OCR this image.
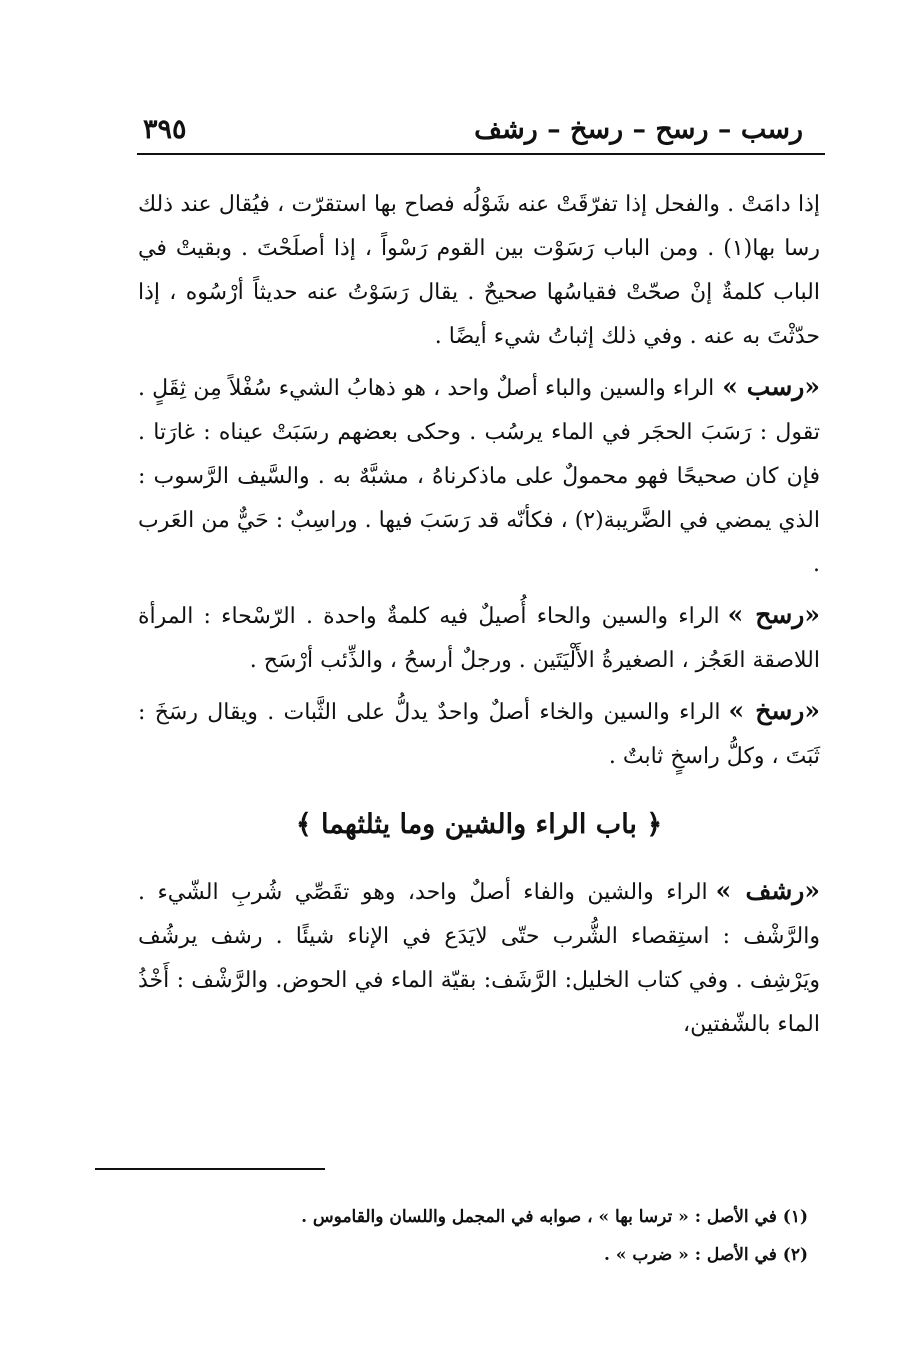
رسب – رسح – رسخ – رشف
٣٩٥

إذا دامَتْ . والفحل إذا تفرّقَتْ عنه شَوْلُه فصاح بها استقرّت ، فيُقال عند ذلك رسا بها(١) . ومن الباب رَسَوْت بين القوم رَسْواً ، إذا أصلَحْتَ . وبقيتْ في الباب كلمةٌ إنْ صحّتْ فقياسُها صحيحٌ . يقال رَسَوْتُ عنه حديثاً أرْسُوه ، إذا حدّثْتَ به عنه . وفي ذلك إثباتُ شيء أيضًا .

« رسب »الراء والسين والباء أصلٌ واحد ، هو ذهابُ الشيء سُفْلاً مِن ثِقَلٍ . تقول : رَسَبَ الحجَر في الماء يرسُب . وحكى بعضهم رسَبَتْ عيناه : غارَتا . فإن كان صحيحًا فهو محمولٌ على ماذكرناهُ ، مشبَّهٌ به . والسَّيف الرَّسوب : الذي يمضي في الضَّريبة(٢) ، فكأنّه قد رَسَبَ فيها . وراسِبٌ : حَيٌّ من العَرب .

« رسح »الراء والسين والحاء أُصيلٌ فيه كلمةٌ واحدة . الرّسْحاء : المرأة اللاصقة العَجُز ، الصغيرةُ الأَلْيَتَين . ورجلٌ أرسحُ ، والذِّئب أرْسَح .

« رسخ »الراء والسين والخاء أصلٌ واحدٌ يدلُّ على الثَّبات . ويقال رسَخَ : ثَبَتَ ، وكلُّ راسخٍ ثابتٌ .

﴿ باب الراء والشين وما يثلثهما ﴾

« رشف »الراء والشين والفاء أصلٌ واحد، وهو تقَصِّي شُربِ الشّيء . والرَّشْف : استِقصاء الشُّرب حتّى لايَدَع في الإناء شيئًا . رشف يرشُف ويَرْشِف . وفي كتاب الخليل: الرَّشَف: بقيّة الماء في الحوض. والرَّشْف : أَخْذُ الماء بالشّفتين،

(١) في الأصل : « ترسا بها » ، صوابه في المجمل واللسان والقاموس .

(٢) في الأصل : « ضرب » .
